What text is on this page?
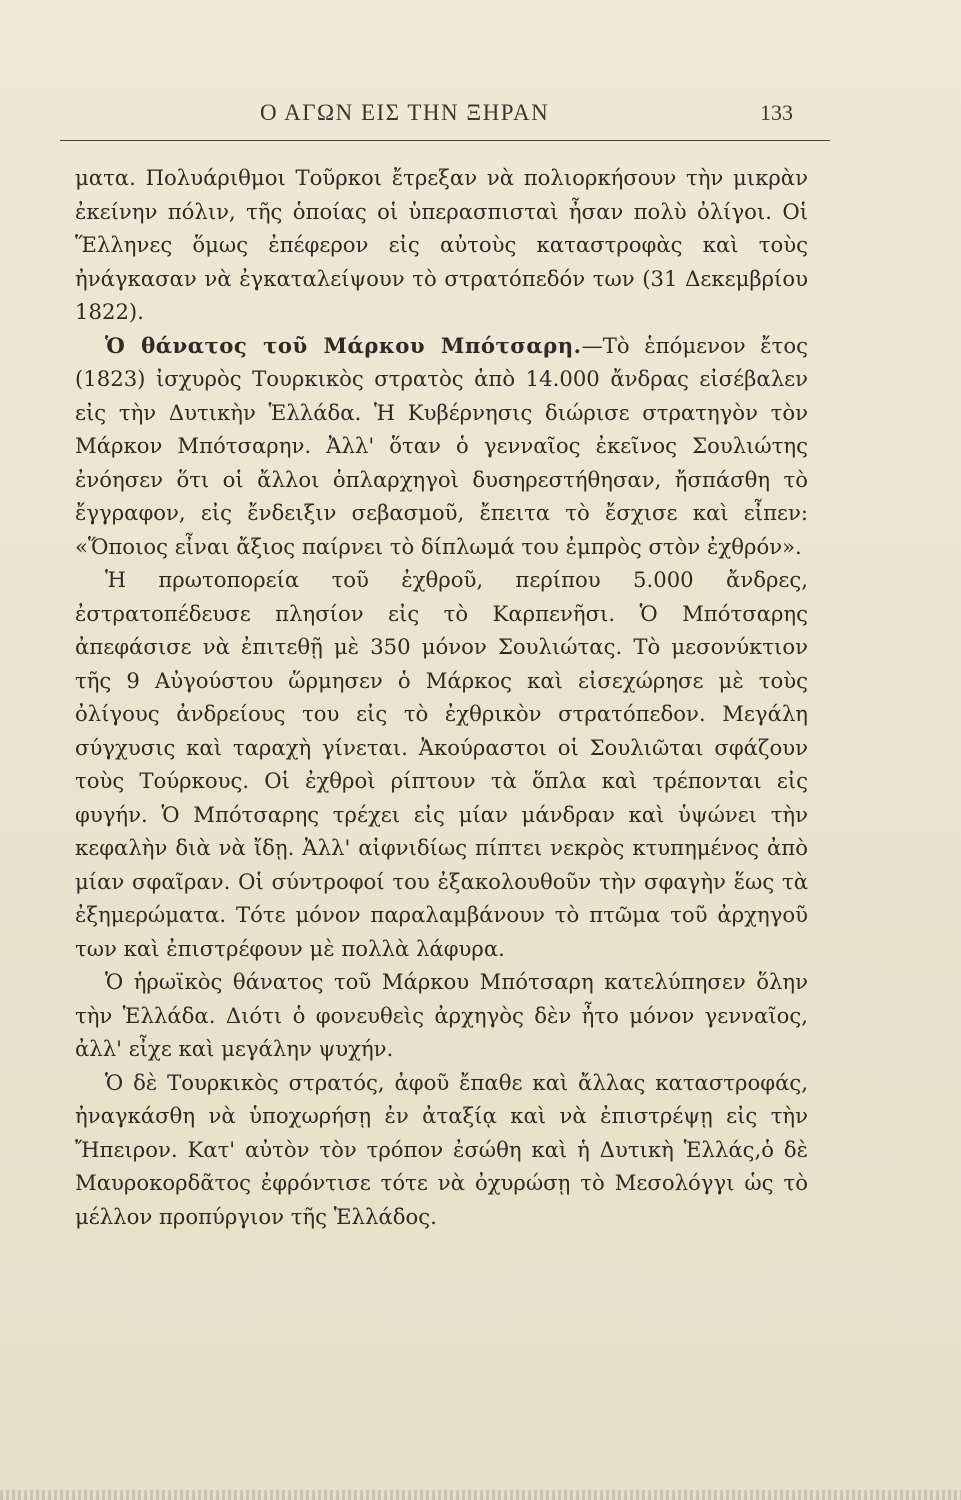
Ο ΑΓΩΝ ΕΙΣ ΤΗΝ ΞΗΡΑΝ	133

ματα. Πολυάριθμοι Τοῦρκοι ἔτρεξαν νὰ πολιορκήσουν τὴν μικρὰν ἐκείνην πόλιν, τῆς ὁποίας οἱ ὑπερασπισταὶ ἦσαν πολὺ ὀλίγοι. Οἱ Ἕλληνες ὅμως ἐπέφερον εἰς αὐτοὺς καταστροφὰς καὶ τοὺς ἠνάγκασαν νὰ ἐγκαταλείψουν τὸ στρατόπεδόν των (31 Δεκεμβρίου 1822).

Ὁ θάνατος τοῦ Μάρκου Μπότσαρη.—Τὸ ἑπόμενον ἔτος (1823) ἰσχυρὸς Τουρκικὸς στρατὸς ἀπὸ 14.000 ἄνδρας εἰσέβαλεν εἰς τὴν Δυτικὴν Ἑλλάδα. Ἡ Κυβέρνησις διώρισε στρατηγὸν τὸν Μάρκον Μπότσαρην. Ἀλλ' ὅταν ὁ γενναῖος ἐκεῖνος Σουλιώτης ἐνόησεν ὅτι οἱ ἄλλοι ὁπλαρχηγοὶ δυσηρεστήθησαν, ἤσπάσθη τὸ ἔγγραφον, εἰς ἔνδειξιν σεβασμοῦ, ἔπειτα τὸ ἔσχισε καὶ εἶπεν: «Ὅποιος εἶναι ἄξιος παίρνει τὸ δίπλωμά του ἐμπρὸς στὸν ἐχθρόν».

Ἡ πρωτοπορεία τοῦ ἐχθροῦ, περίπου 5.000 ἄνδρες, ἐστρατοπέδευσε πλησίον εἰς τὸ Καρπενῆσι. Ὁ Μπότσαρης ἀπεφάσισε νὰ ἐπιτεθῇ μὲ 350 μόνον Σουλιώτας. Τὸ μεσονύκτιον τῆς 9 Αὐγούστου ὥρμησεν ὁ Μάρκος καὶ εἰσεχώρησε μὲ τοὺς ὀλίγους ἀνδρείους του εἰς τὸ ἐχθρικὸν στρατόπεδον. Μεγάλη σύγχυσις καὶ ταραχὴ γίνεται. Ἀκούραστοι οἱ Σουλιῶται σφάζουν τοὺς Τούρκους. Οἱ ἐχθροὶ ρίπτουν τὰ ὅπλα καὶ τρέπονται εἰς φυγήν. Ὁ Μπότσαρης τρέχει εἰς μίαν μάνδραν καὶ ὑψώνει τὴν κεφαλὴν διὰ νὰ ἴδῃ. Ἀλλ' αἰφνιδίως πίπτει νεκρὸς κτυπημένος ἀπὸ μίαν σφαῖραν. Οἱ σύντροφοί του ἐξακολουθοῦν τὴν σφαγὴν ἕως τὰ ἐξημερώματα. Τότε μόνον παραλαμβάνουν τὸ πτῶμα τοῦ ἀρχηγοῦ των καὶ ἐπιστρέφουν μὲ πολλὰ λάφυρα.

Ὁ ἡρωϊκὸς θάνατος τοῦ Μάρκου Μπότσαρη κατελύπησεν ὅλην τὴν Ἑλλάδα. Διότι ὁ φονευθεὶς ἀρχηγὸς δὲν ἦτο μόνον γενναῖος, ἀλλ' εἶχε καὶ μεγάλην ψυχήν.

Ὁ δὲ Τουρκικὸς στρατός, ἀφοῦ ἔπαθε καὶ ἄλλας καταστροφάς, ἠναγκάσθη νὰ ὑποχωρήσῃ ἐν ἀταξίᾳ καὶ νὰ ἐπιστρέψῃ εἰς τὴν Ἤπειρον. Κατ' αὐτὸν τὸν τρόπον ἐσώθη καὶ ἡ Δυτικὴ Ἑλλάς,ὁ δὲ Μαυροκορδᾶτος ἐφρόντισε τότε νὰ ὀχυρώσῃ τὸ Μεσολόγγι ὡς τὸ μέλλον προπύργιον τῆς Ἑλλάδος.
